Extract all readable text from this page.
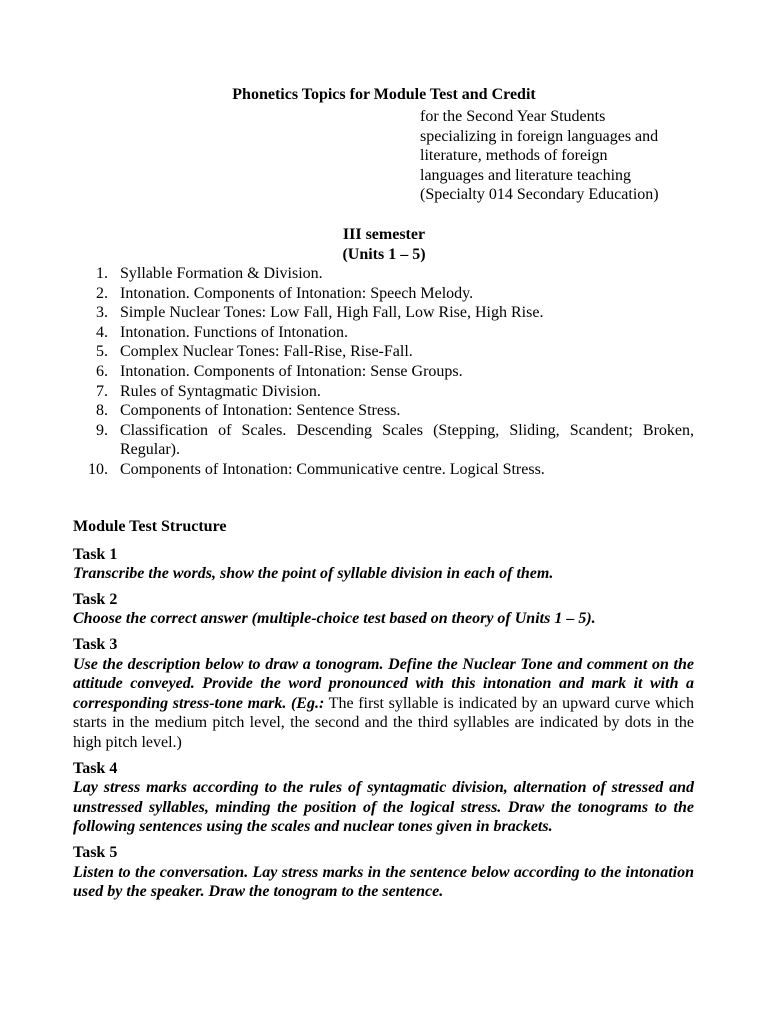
Phonetics Topics for Module Test and Credit
for the Second Year Students
specializing in foreign languages and
literature, methods of foreign
languages and literature teaching
(Specialty 014 Secondary Education)
III semester
(Units 1 – 5)
1. Syllable Formation & Division.
2. Intonation. Components of Intonation: Speech Melody.
3. Simple Nuclear Tones: Low Fall, High Fall, Low Rise, High Rise.
4. Intonation. Functions of Intonation.
5. Complex Nuclear Tones: Fall-Rise, Rise-Fall.
6. Intonation. Components of Intonation: Sense Groups.
7. Rules of Syntagmatic Division.
8. Components of Intonation: Sentence Stress.
9. Classification of Scales. Descending Scales (Stepping, Sliding, Scandent; Broken, Regular).
10. Components of Intonation: Communicative centre. Logical Stress.
Module Test Structure
Task 1
Transcribe the words, show the point of syllable division in each of them.
Task 2
Choose the correct answer (multiple-choice test based on theory of Units 1 – 5).
Task 3
Use the description below to draw a tonogram. Define the Nuclear Tone and comment on the attitude conveyed. Provide the word pronounced with this intonation and mark it with a corresponding stress-tone mark. (Eg.: The first syllable is indicated by an upward curve which starts in the medium pitch level, the second and the third syllables are indicated by dots in the high pitch level.)
Task 4
Lay stress marks according to the rules of syntagmatic division, alternation of stressed and unstressed syllables, minding the position of the logical stress. Draw the tonograms to the following sentences using the scales and nuclear tones given in brackets.
Task 5
Listen to the conversation. Lay stress marks in the sentence below according to the intonation used by the speaker. Draw the tonogram to the sentence.
